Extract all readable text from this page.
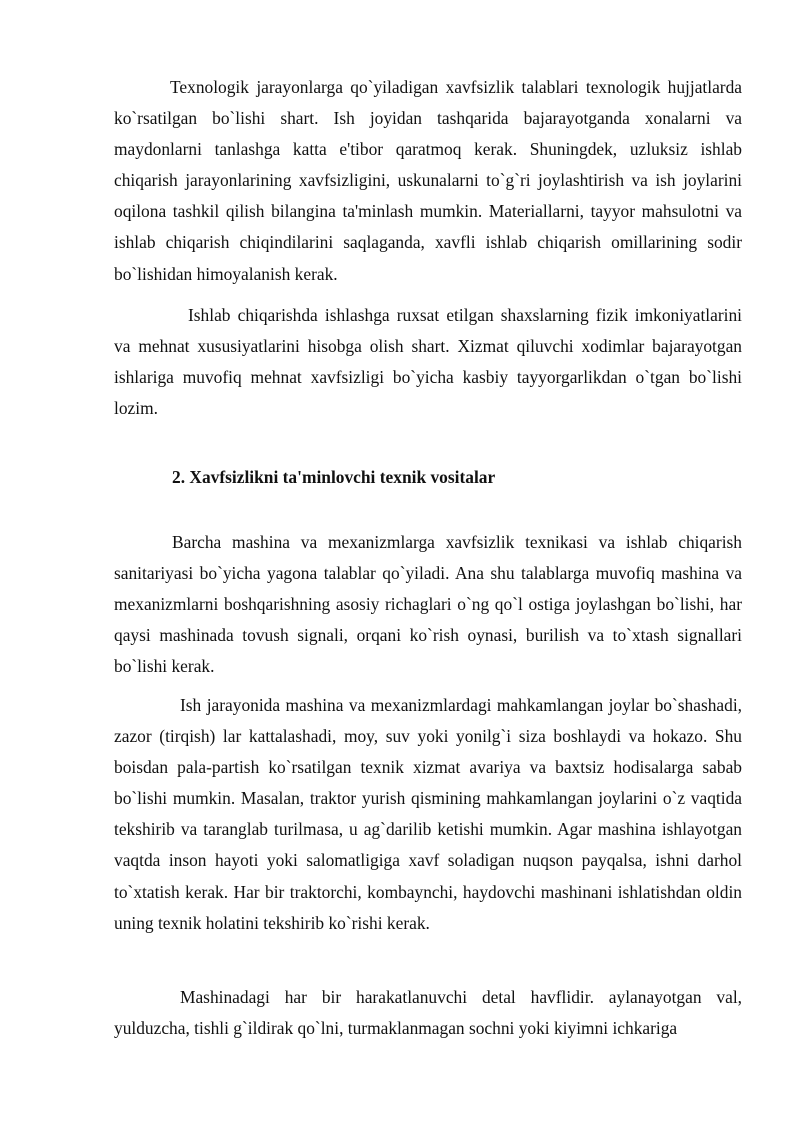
Texnologik jarayonlarga qo`yiladigan xavfsizlik talablari texnologik hujjatlarda ko`rsatilgan bo`lishi shart. Ish joyidan tashqarida bajarayotganda xonalarni va maydonlarni tanlashga katta e'tibor qaratmoq kerak. Shuningdek, uzluksiz ishlab chiqarish jarayonlarining xavfsizligini, uskunalarni to`g`ri joylashtirish va ish joylarini oqilona tashkil qilish bilangina ta'minlash mumkin. Materiallarni, tayyor mahsulotni va ishlab chiqarish chiqindilarini saqlaganda, xavfli ishlab chiqarish omillarining sodir bo`lishidan himoyalanish kerak.

Ishlab chiqarishda ishlashga ruxsat etilgan shaxslarning fizik imkoniyatlarini va mehnat xususiyatlarini hisobga olish shart. Xizmat qiluvchi xodimlar bajarayotgan ishlariga muvofiq mehnat xavfsizligi bo`yicha kasbiy tayyorgarlikdan o`tgan bo`lishi lozim.

2. Xavfsizlikni ta'minlovchi texnik vositalar

Barcha mashina va mexanizmlarga xavfsizlik texnikasi va ishlab chiqarish sanitariyasi bo`yicha yagona talablar qo`yiladi. Ana shu talablarga muvofiq mashina va mexanizmlarni boshqarishning asosiy richaglari o`ng qo`l ostiga joylashgan bo`lishi, har qaysi mashinada tovush signali, orqani ko`rish oynasi, burilish va to`xtash signallari bo`lishi kerak.

Ish jarayonida mashina va mexanizmlardagi mahkamlangan joylar bo`shashadi, zazor (tirqish) lar kattalashadi, moy, suv yoki yonilg`i siza boshlaydi va hokazo. Shu boisdan pala-partish ko`rsatilgan texnik xizmat avariya va baxtsiz hodisalarga sabab bo`lishi mumkin. Masalan, traktor yurish qismining mahkamlangan joylarini o`z vaqtida tekshirib va taranglab turilmasa, u ag`darilib ketishi mumkin. Agar mashina ishlayotgan vaqtda inson hayoti yoki salomatligiga xavf soladigan nuqson payqalsa, ishni darhol to`xtatish kerak. Har bir traktorchi, kombaynchi, haydovchi mashinani ishlatishdan oldin uning texnik holatini tekshirib ko`rishi kerak.

Mashinadagi har bir harakatlanuvchi detal havflidir. aylanayotgan val, yulduzcha, tishli g`ildirak qo`lni, turmaklanmagan sochni yoki kiyimni ichkariga
